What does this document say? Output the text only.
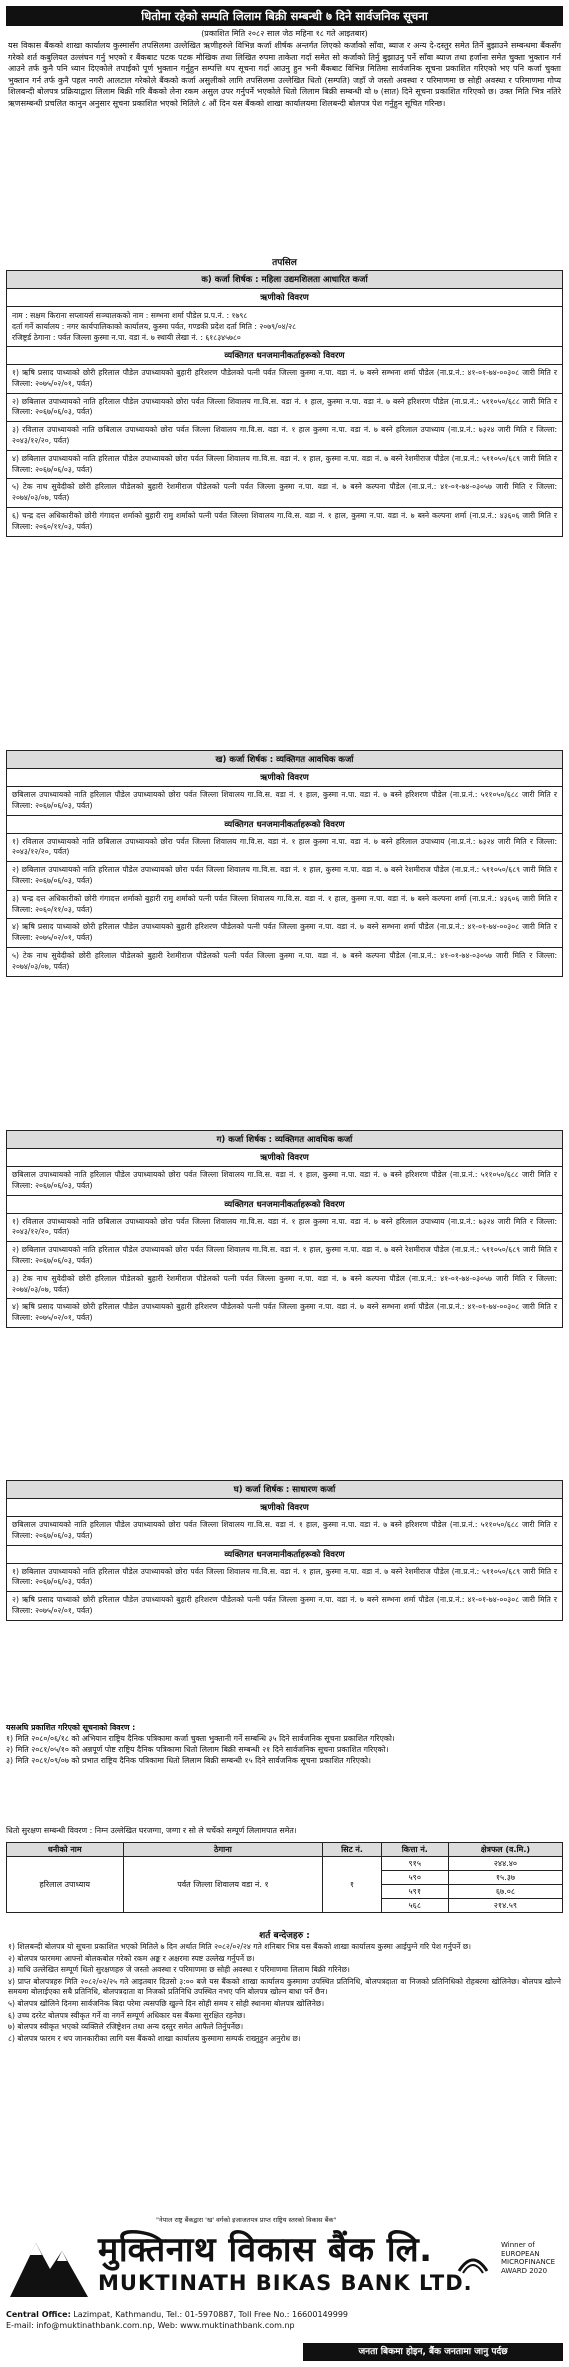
धितोमा रहेको सम्पति लिलाम बिक्री सम्बन्धी ७ दिने सार्वजनिक सूचना
(प्रकाशित मिति २०८२ साल जेठ महिना १८ गते आइतबार)

यस विकास बैंकको शाखा कार्यालय कुस्मासँग तपसिलमा उल्लेखित ऋणीहरुले विभिन्न कर्जा शीर्षक अन्तर्गत लिएको कर्जाको साँवा, ब्याज र अन्य दे-दस्तुर समेत तिर्ने बुझाउने सम्बन्धमा बैंकसँग गरेको शर्त कबुलियत उल्लंघन गर्नु भएको र बैंकबाट पटक पटक मौखिक तथा लिखित रुपमा ताकेता गर्दा समेत सो कर्जाको तिर्नु बुझाउनु पर्ने साँवा ब्याज तथा हर्जाना समेत चुक्ता भुक्तान गर्न आउने तर्फ कुनै पनि ध्यान दिएकोले तपाईंको पूर्ण भुक्तान गर्नुहुन सम्पत्ति थप सूचना गर्दा आउनु हुन भनी बैंकबाट विभिन्न मितिमा सार्वजनिक सूचना प्रकाशित गरिएको भए पनि कर्जा चुक्ता भुक्तान गर्न तर्फ कुनै पहल नगरी आलटाल गरेकोले बैंकको कर्जा असुलीको लागि तपसिलमा उल्लेखित धितो (सम्पति) जहाँ जे जस्तो अवस्था र परिमाणमा छ सोही अवस्था र परिमाणमा गोप्य शिलबन्दी बोलपत्र प्रक्रियाद्वारा लिलाम बिक्री गरि बैंकको लेना रकम असुल उपर गर्नुपर्ने भएकोले धितो लिलाम बिक्री सम्बन्धी यो ७ (सात) दिने सूचना प्रकाशित गरिएको छ। उक्त मिति भित्र नतिरे ऋणसम्बन्धी प्रचलित कानुन अनुसार सूचना प्रकाशित भएको मितिले ८ औं दिन यस बैंकको शाखा कार्यालयमा शिलबन्दी बोलपत्र पेश गर्नुहुन सूचित गरिन्छ।

तपसिल
क) कर्जा शिर्षक : महिला उद्यमशिलता आधारित कर्जा
ऋणीको विवरण
नाम : सक्षम किराना सप्लायर्स सञ्चालकको नाम : सम्भना शर्मा पौडेल प्र.प.नं. : १७९८
दर्ता गर्ने कार्यालय : नगर कार्यपालिकाको कार्यालय, कुस्मा पर्वत, गण्डकी प्रदेश दर्ता मिति : २०७९/०४/२८
रजिष्ट्रर्ड ठेगाना : पर्वत जिल्ला कुस्मा न.पा. वडा नं. ७ स्थायी लेखा नं. : ६१८३४५७८०
व्यक्तिगत धनजमानीकर्ताहरूको विवरण
१) ऋषि प्रसाद पाध्याको छोरी हरिलाल पौडेल उपाध्यायको बुहारी हरिशरण पौडेलको पत्नी पर्वत जिल्ला कुस्मा न.पा. वडा नं. ७ बस्ने सम्भना शर्मा पौडेल (ना.प्र.नं.: ४१-०१-७४-००३०८ जारी मिति र जिल्ला: २०७५/०२/०१, पर्वत)
२) छबिलाल उपाध्यायको नाति हरिलाल पौडेल उपाध्यायको छोरा पर्वत जिल्ला शिवालय गा.वि.स. वडा नं. १ हाल, कुस्मा न.पा. वडा नं. ७ बस्ने हरिशरण पौडेल (ना.प्र.नं.: ५११०५०/६८८ जारी मिति र जिल्ला: २०६७/०६/०३, पर्वत)
३) रविलाल उपाध्यायको नाति छबिलाल उपाध्यायको छोरा पर्वत जिल्ला शिवालय गा.वि.स. वडा नं. १ हाल कुस्मा न.पा. वडा नं. ७ बस्ने हरिलाल उपाध्याय (ना.प्र.नं.: ७३२४ जारी मिति र जिल्ला: २०४३/१२/२०, पर्वत)
४) छबिलाल उपाध्यायको नाति हरिलाल पौडेल उपाध्यायको छोरा पर्वत जिल्ला शिवालय गा.वि.स. वडा नं. १ हाल, कुस्मा न.पा. वडा नं. ७ बस्ने रेशमीराज पौडेल (ना.प्र.नं.: ५११०५०/६८९ जारी मिति र जिल्ला: २०६७/०६/०३, पर्वत)
५) टेक नाथ सुवेदीको छोरी हरिलाल पौडेलको बुहारी रेशमीराज पौडेलको पत्नी पर्वत जिल्ला कुस्मा न.पा. वडा नं. ७ बस्ने कल्पना पौडेल (ना.प्र.नं.: ४१-०१-७४-०३०५७ जारी मिति र जिल्ला: २०७४/०३/०७, पर्वत)
६) चन्द्र दत्त अधिकारीको छोरी गंगादत्त शर्माको बुहारी रामु शर्माको पत्नी पर्वत जिल्ला शिवालय गा.वि.स. वडा नं. १ हाल, कुस्मा न.पा. वडा नं. ७ बस्ने कल्पना शर्मा (ना.प्र.नं.: ४३६०६ जारी मिति र जिल्ला: २०६०/११/०३, पर्वत)
ख) कर्जा शिर्षक : व्यक्तिगत आवधिक कर्जा
ऋणीको विवरण
छबिलाल उपाध्यायको नाति हरिलाल पौडेल उपाध्यायको छोरा पर्वत जिल्ला शिवालय गा.वि.स. वडा नं. १ हाल, कुस्मा न.पा. वडा नं. ७ बस्ने हरिशरण पौडेल (ना.प्र.नं.: ५११०५०/६८८ जारी मिति र जिल्ला: २०६७/०६/०३, पर्वत)
व्यक्तिगत धनजमानीकर्ताहरूको विवरण
१) रविलाल उपाध्यायको नाति छबिलाल उपाध्यायको छोरा पर्वत जिल्ला शिवालय गा.वि.स. वडा नं. १ हाल कुस्मा न.पा. वडा नं. ७ बस्ने हरिलाल उपाध्याय (ना.प्र.नं.: ७३२४ जारी मिति र जिल्ला: २०४३/१२/२०, पर्वत)
२) छबिलाल उपाध्यायको नाति हरिलाल पौडेल उपाध्यायको छोरा पर्वत जिल्ला शिवालय गा.वि.स. वडा नं. १ हाल, कुस्मा न.पा. वडा नं. ७ बस्ने रेशमीराज पौडेल (ना.प्र.नं.: ५११०५०/६८९ जारी मिति र जिल्ला: २०६७/०६/०३, पर्वत)
३) चन्द्र दत्त अधिकारीको छोरी गंगादत्त शर्माको बुहारी रामु शर्माको पत्नी पर्वत जिल्ला शिवालय गा.वि.स. वडा नं. १ हाल, कुस्मा न.पा. वडा नं. ७ बस्ने कल्पना शर्मा (ना.प्र.नं.: ४३६०६ जारी मिति र जिल्ला: २०६०/११/०३, पर्वत)
४) ऋषि प्रसाद पाध्याको छोरी हरिलाल पौडेल उपाध्यायको बुहारी हरिशरण पौडेलको पत्नी पर्वत जिल्ला कुस्मा न.पा. वडा नं. ७ बस्ने सम्भना शर्मा पौडेल (ना.प्र.नं.: ४१-०१-७४-००३०८ जारी मिति र जिल्ला: २०७५/०२/०१, पर्वत)
५) टेक नाथ सुवेदीको छोरी हरिलाल पौडेलको बुहारी रेशमीराज पौडेलको पत्नी पर्वत जिल्ला कुस्मा न.पा. वडा नं. ७ बस्ने कल्पना पौडेल (ना.प्र.नं.: ४१-०१-७४-०३०५७ जारी मिति र जिल्ला: २०७४/०३/०७, पर्वत)
ग) कर्जा शिर्षक : व्यक्तिगत आवधिक कर्जा
ऋणीको विवरण
छबिलाल उपाध्यायको नाति हरिलाल पौडेल उपाध्यायको छोरा पर्वत जिल्ला शिवालय गा.वि.स. वडा नं. १ हाल, कुस्मा न.पा. वडा नं. ७ बस्ने हरिशरण पौडेल (ना.प्र.नं.: ५११०५०/६८८ जारी मिति र जिल्ला: २०६७/०६/०३, पर्वत)
व्यक्तिगत धनजमानीकर्ताहरूको विवरण
१) रविलाल उपाध्यायको नाति छबिलाल उपाध्यायको छोरा पर्वत जिल्ला शिवालय गा.वि.स. वडा नं. १ हाल कुस्मा न.पा. वडा नं. ७ बस्ने हरिलाल उपाध्याय (ना.प्र.नं.: ७३२४ जारी मिति र जिल्ला: २०४३/१२/२०, पर्वत)
२) छबिलाल उपाध्यायको नाति हरिलाल पौडेल उपाध्यायको छोरा पर्वत जिल्ला शिवालय गा.वि.स. वडा नं. १ हाल, कुस्मा न.पा. वडा नं. ७ बस्ने रेशमीराज पौडेल (ना.प्र.नं.: ५११०५०/६८९ जारी मिति र जिल्ला: २०६७/०६/०३, पर्वत)
३) टेक नाथ सुवेदीको छोरी हरिलाल पौडेलको बुहारी रेशमीराज पौडेलको पत्नी पर्वत जिल्ला कुस्मा न.पा. वडा नं. ७ बस्ने कल्पना पौडेल (ना.प्र.नं.: ४१-०१-७४-०३०५७ जारी मिति र जिल्ला: २०७४/०३/०७, पर्वत)
४) ऋषि प्रसाद पाध्याको छोरी हरिलाल पौडेल उपाध्यायको बुहारी हरिशरण पौडेलको पत्नी पर्वत जिल्ला कुस्मा न.पा. वडा नं. ७ बस्ने सम्भना शर्मा पौडेल (ना.प्र.नं.: ४१-०१-७४-००३०८ जारी मिति र जिल्ला: २०७५/०२/०१, पर्वत)
घ) कर्जा शिर्षक : साधारण कर्जा
ऋणीको विवरण
छबिलाल उपाध्यायको नाति हरिलाल पौडेल उपाध्यायको छोरा पर्वत जिल्ला शिवालय गा.वि.स. वडा नं. १ हाल, कुस्मा न.पा. वडा नं. ७ बस्ने हरिशरण पौडेल (ना.प्र.नं.: ५११०५०/६८८ जारी मिति र जिल्ला: २०६७/०६/०३, पर्वत)
व्यक्तिगत धनजमानीकर्ताहरूको विवरण
१) छबिलाल उपाध्यायको नाति हरिलाल पौडेल उपाध्यायको छोरा पर्वत जिल्ला शिवालय गा.वि.स. वडा नं. १ हाल, कुस्मा न.पा. वडा नं. ७ बस्ने रेशमीराज पौडेल (ना.प्र.नं.: ५११०५०/६८९ जारी मिति र जिल्ला: २०६७/०६/०३, पर्वत)
२) ऋषि प्रसाद पाध्याको छोरी हरिलाल पौडेल उपाध्यायको बुहारी हरिशरण पौडेलको पत्नी पर्वत जिल्ला कुस्मा न.पा. वडा नं. ७ बस्ने सम्भना शर्मा पौडेल (ना.प्र.नं.: ४१-०१-७४-००३०८ जारी मिति र जिल्ला: २०७५/०२/०१, पर्वत)
यसअघि प्रकाशित गरिएको सूचनाको विवरण :
१) मिति २०८०/०६/१८ को अभियान राष्ट्रिय दैनिक पत्रिकामा कर्जा चुक्ता भुक्तानी गर्ने सम्बन्धि ३५ दिने सार्वजनिक सूचना प्रकाशित गरिएको।
२) मिति २०८१/०५/१० को अन्नपूर्ण पोष्ट राष्ट्रिय दैनिक पत्रिकामा धितो लिलाम बिक्री सम्बन्धी २१ दिने सार्वजनिक सूचना प्रकाशित गरिएको।
३) मिति २०८१/०९/०७ को प्रभात राष्ट्रिय दैनिक पत्रिकामा धितो लिलाम बिक्री सम्बन्धी १५ दिने सार्वजनिक सूचना प्रकाशित गरिएको।
धितो सुरक्षण सम्बन्धी विवरण : निम्न उल्लेखित घरजग्गा, जग्गा र सो ले चर्चेको सम्पूर्ण लिलामपात समेत।
धनीको नाम	ठेगाना	सिट नं.	कित्ता नं.	क्षेत्रफल (व.मि.)
हरिलाल उपाध्याय	पर्वत जिल्ला शिवालय वडा नं. १	१	९१५	२४४.४०
			५९०	१५.३७
			५९१	६७.०८
			५६८	२१४.५९
शर्त बन्देजहरु :
१) शिलबन्दी बोलपत्र यो सूचना प्रकाशित भएको मितिले ७ दिन अर्थात मिति २०८२/०२/२४ गते शनिबार भित्र यस बैंकको शाखा कार्यालय कुस्मा आईपुग्ने गरि पेश गर्नुपर्ने छ।
२) बोलपत्र फारममा आफ्नो बोलकबोल गरेको रकम अङ्क र अक्षरमा स्पष्ट उल्लेख गर्नुपर्ने छ।
३) माथि उल्लेखित सम्पूर्ण धितो सुरक्षणहरु जे जस्तो अवस्था र परिमाणमा छ सोही अवस्था र परिमाणमा लिलाम बिक्री गरिनेछ।
४) प्राप्त बोलपत्रहरु मिति २०८२/०२/२५ गते आइतबार दिउसो ३:०० बजे यस बैंकको शाखा कार्यालय कुस्मामा उपस्थित प्रतिनिधि, बोलपत्रदाता वा निजको प्रतिनिधिको रोहबरमा खोलिनेछ। बोलपत्र खोल्ने समयमा बोलाईएका सबै प्रतिनिधि, बोलपत्रदाता वा निजको प्रतिनिधि उपस्थित नभए पनि बोलपत्र खोल्न बाधा पर्ने छैन।
५) बोलपत्र खोलिने दिनमा सार्वजनिक बिदा परेमा त्यसपछि खुल्ने दिन सोही समय र सोही स्थानमा बोलपत्र खोलिनेछ।
६) उच्च दररेट बोलपत्र स्वीकृत गर्ने वा नगर्ने सम्पूर्ण अधिकार यस बैंकमा सुरक्षित रहनेछ।
७) बोलपत्र स्वीकृत भएको व्यक्तिले रजिष्ट्रेशन तथा अन्य दस्तुर समेत आफैले तिर्नुपर्नेछ।
८) बोलपत्र फारम र थप जानकारीका लागि यस बैंकको शाखा कार्यालय कुस्मामा सम्पर्क राख्नुहुन अनुरोध छ।
"नेपाल राष्ट्र बैंकद्वारा 'ख' वर्गको इजाजतपत्र प्राप्त राष्ट्रिय स्तरको विकास बैंक"
मुक्तिनाथ विकास बैंक लि.
MUKTINATH BIKAS BANK LTD.
Winner of EUROPEAN MICROFINANCE AWARD 2020
Central Office: Lazimpat, Kathmandu, Tel.: 01-5970887, Toll Free No.: 16600149999
E-mail: info@muktinathbank.com.np, Web: www.muktinathbank.com.np
जनता बिकमा होइन, बैंक जनतामा जानु पर्दछ
